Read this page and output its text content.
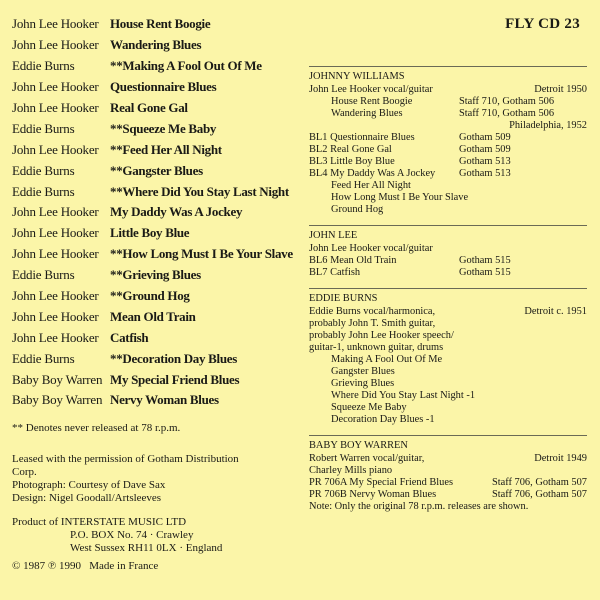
FLY CD 23
John Lee Hooker House Rent Boogie
John Lee Hooker Wandering Blues
Eddie Burns	**Making A Fool Out Of Me
John Lee Hooker Questionnaire Blues
John Lee Hooker Real Gone Gal
Eddie Burns	**Squeeze Me Baby
John Lee Hooker **Feed Her All Night
Eddie Burns	**Gangster Blues
Eddie Burns	**Where Did You Stay Last Night
John Lee Hooker My Daddy Was A Jockey
John Lee Hooker Little Boy Blue
John Lee Hooker **How Long Must I Be Your Slave
Eddie Burns	**Grieving Blues
John Lee Hooker **Ground Hog
John Lee Hooker Mean Old Train
John Lee Hooker Catfish
Eddie Burns	**Decoration Day Blues
Baby Boy Warren My Special Friend Blues
Baby Boy Warren Nervy Woman Blues
** Denotes never released at 78 r.p.m.
Leased with the permission of Gotham Distribution
Corp.
Photograph: Courtesy of Dave Sax
Design: Nigel Goodall/Artsleeves
Product of INTERSTATE MUSIC LTD
P.O. BOX No. 74 · Crawley
West Sussex RH11 0LX · England
© 1987 ℗ 1990   Made in France
JOHNNY WILLIAMS
John Lee Hooker vocal/guitar	Detroit 1950
House Rent Boogie	Staff 710, Gotham 506
Wandering Blues	Staff 710, Gotham 506
Philadelphia, 1952
BL1 Questionnaire Blues	Gotham 509
BL2 Real Gone Gal	Gotham 509
BL3 Little Boy Blue	Gotham 513
BL4 My Daddy Was A Jockey	Gotham 513
Feed Her All Night
How Long Must I Be Your Slave
Ground Hog
JOHN LEE
John Lee Hooker vocal/guitar
BL6 Mean Old Train	Gotham 515
BL7 Catfish	Gotham 515
EDDIE BURNS
Eddie Burns vocal/harmonica,	Detroit c. 1951
probably John T. Smith guitar,
probably John Lee Hooker speech/
guitar-1, unknown guitar, drums
Making A Fool Out Of Me
Gangster Blues
Grieving Blues
Where Did You Stay Last Night -1
Squeeze Me Baby
Decoration Day Blues -1
BABY BOY WARREN
Robert Warren vocal/guitar,	Detroit 1949
Charley Mills piano
PR 706A My Special Friend Blues	Staff 706, Gotham 507
PR 706B Nervy Woman Blues	Staff 706, Gotham 507
Note: Only the original 78 r.p.m. releases are shown.
